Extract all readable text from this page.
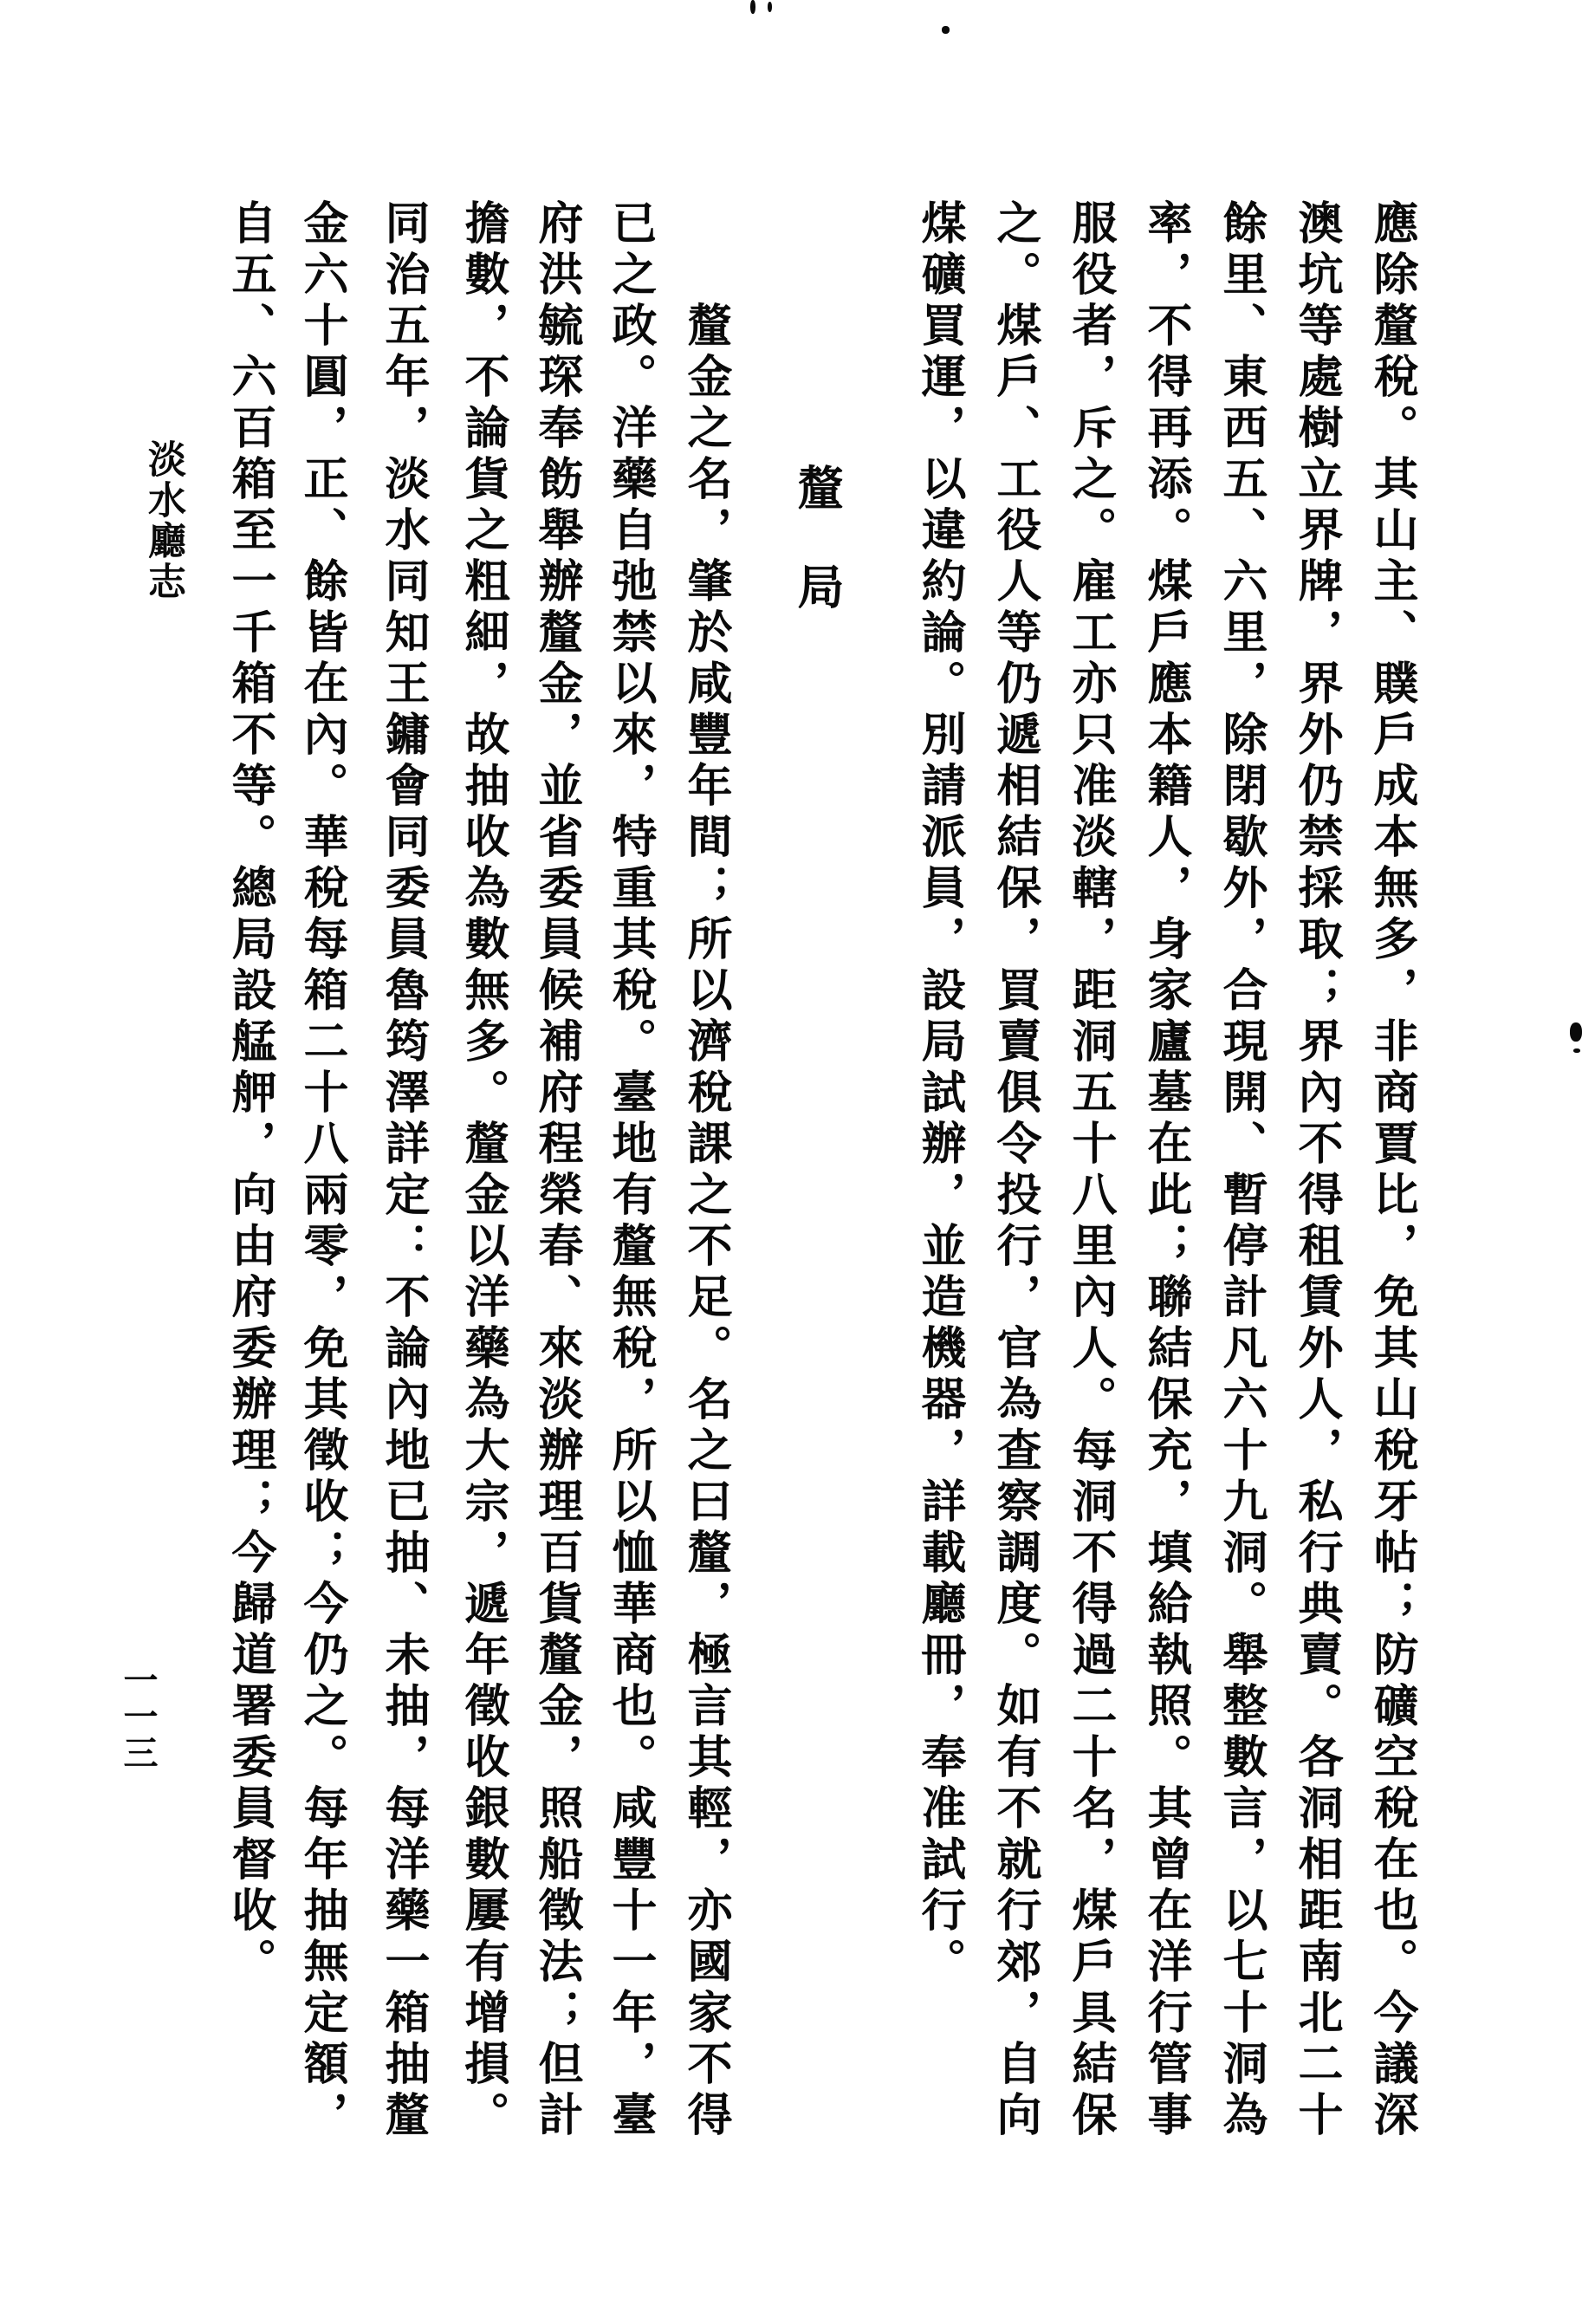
應除釐稅。其山主、贌戶成本無多，非商賈比，免其山稅牙帖；防礦空稅在也。今議深
澳坑等處樹立界牌，界外仍禁採取；界內不得租賃外人，私行典賣。各洞相距南北二十
餘里、東西五、六里，除閉歇外，合現開、暫停計凡六十九洞。舉整數言，以七十洞為
率，不得再添。煤戶應本籍人，身家廬墓在此；聯結保充，填給執照。其曾在洋行管事
服役者，斥之。雇工亦只准淡轄，距洞五十八里內人。每洞不得過二十名，煤戶具結保
之。煤戶、工役人等仍遞相結保，買賣俱令投行，官為查察調度。如有不就行郊，自向
煤礦買運，以違約論。別請派員，設局試辦，並造機器，詳載廳冊，奉准試行。
釐局
釐金之名，肇於咸豐年間；所以濟稅課之不足。名之曰釐，極言其輕，亦國家不得
已之政。洋藥自弛禁以來，特重其稅。臺地有釐無稅，所以恤華商也。咸豐十一年，臺
府洪毓琛奉飭舉辦釐金，並省委員候補府程榮春、來淡辦理百貨釐金，照船徵法；但計
擔數，不論貨之粗細，故抽收為數無多。釐金以洋藥為大宗，遞年徵收銀數屢有增損。
同治五年，淡水同知王鏞會同委員魯筠澤詳定：不論內地已抽、未抽，每洋藥一箱抽釐
金六十圓，正、餘皆在內。華稅每箱二十八兩零，免其徵收；今仍之。每年抽無定額，
自五、六百箱至一千箱不等。總局設艋舺，向由府委辦理；今歸道署委員督收。
淡水廳志
一一三
